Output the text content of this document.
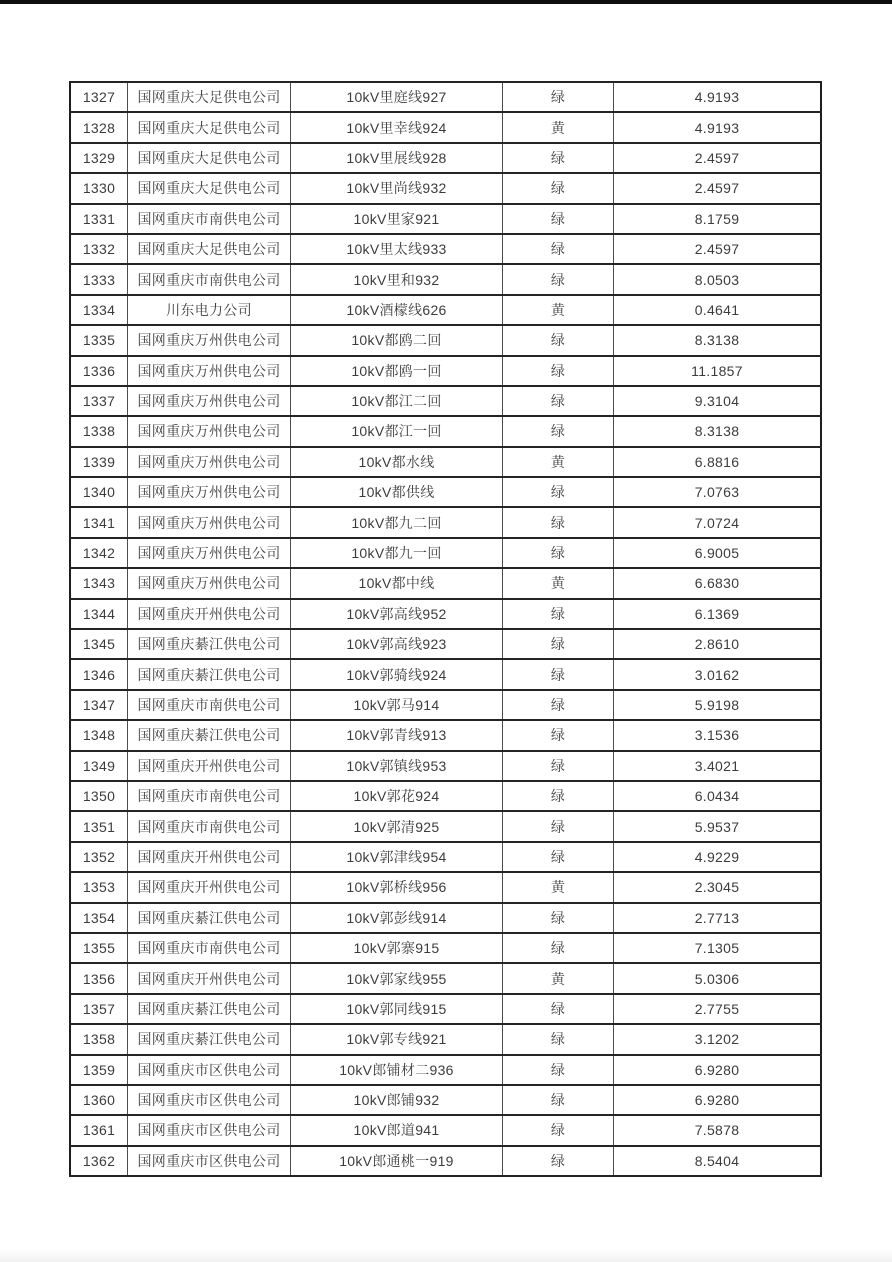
1327	国网重庆大足供电公司	10kV里庭线927	绿	4.9193
1328	国网重庆大足供电公司	10kV里幸线924	黄	4.9193
1329	国网重庆大足供电公司	10kV里展线928	绿	2.4597
1330	国网重庆大足供电公司	10kV里尚线932	绿	2.4597
1331	国网重庆市南供电公司	10kV里家921	绿	8.1759
1332	国网重庆大足供电公司	10kV里太线933	绿	2.4597
1333	国网重庆市南供电公司	10kV里和932	绿	8.0503
1334	川东电力公司	10kV酒檬线626	黄	0.4641
1335	国网重庆万州供电公司	10kV都鸥二回	绿	8.3138
1336	国网重庆万州供电公司	10kV都鸥一回	绿	11.1857
1337	国网重庆万州供电公司	10kV都江二回	绿	9.3104
1338	国网重庆万州供电公司	10kV都江一回	绿	8.3138
1339	国网重庆万州供电公司	10kV都水线	黄	6.8816
1340	国网重庆万州供电公司	10kV都供线	绿	7.0763
1341	国网重庆万州供电公司	10kV都九二回	绿	7.0724
1342	国网重庆万州供电公司	10kV都九一回	绿	6.9005
1343	国网重庆万州供电公司	10kV都中线	黄	6.6830
1344	国网重庆开州供电公司	10kV郭高线952	绿	6.1369
1345	国网重庆綦江供电公司	10kV郭高线923	绿	2.8610
1346	国网重庆綦江供电公司	10kV郭骑线924	绿	3.0162
1347	国网重庆市南供电公司	10kV郭马914	绿	5.9198
1348	国网重庆綦江供电公司	10kV郭青线913	绿	3.1536
1349	国网重庆开州供电公司	10kV郭镇线953	绿	3.4021
1350	国网重庆市南供电公司	10kV郭花924	绿	6.0434
1351	国网重庆市南供电公司	10kV郭清925	绿	5.9537
1352	国网重庆开州供电公司	10kV郭津线954	绿	4.9229
1353	国网重庆开州供电公司	10kV郭桥线956	黄	2.3045
1354	国网重庆綦江供电公司	10kV郭彭线914	绿	2.7713
1355	国网重庆市南供电公司	10kV郭寨915	绿	7.1305
1356	国网重庆开州供电公司	10kV郭家线955	黄	5.0306
1357	国网重庆綦江供电公司	10kV郭同线915	绿	2.7755
1358	国网重庆綦江供电公司	10kV郭专线921	绿	3.1202
1359	国网重庆市区供电公司	10kV郎铺材二936	绿	6.9280
1360	国网重庆市区供电公司	10kV郎铺932	绿	6.9280
1361	国网重庆市区供电公司	10kV郎道941	绿	7.5878
1362	国网重庆市区供电公司	10kV郎通桃一919	绿	8.5404
